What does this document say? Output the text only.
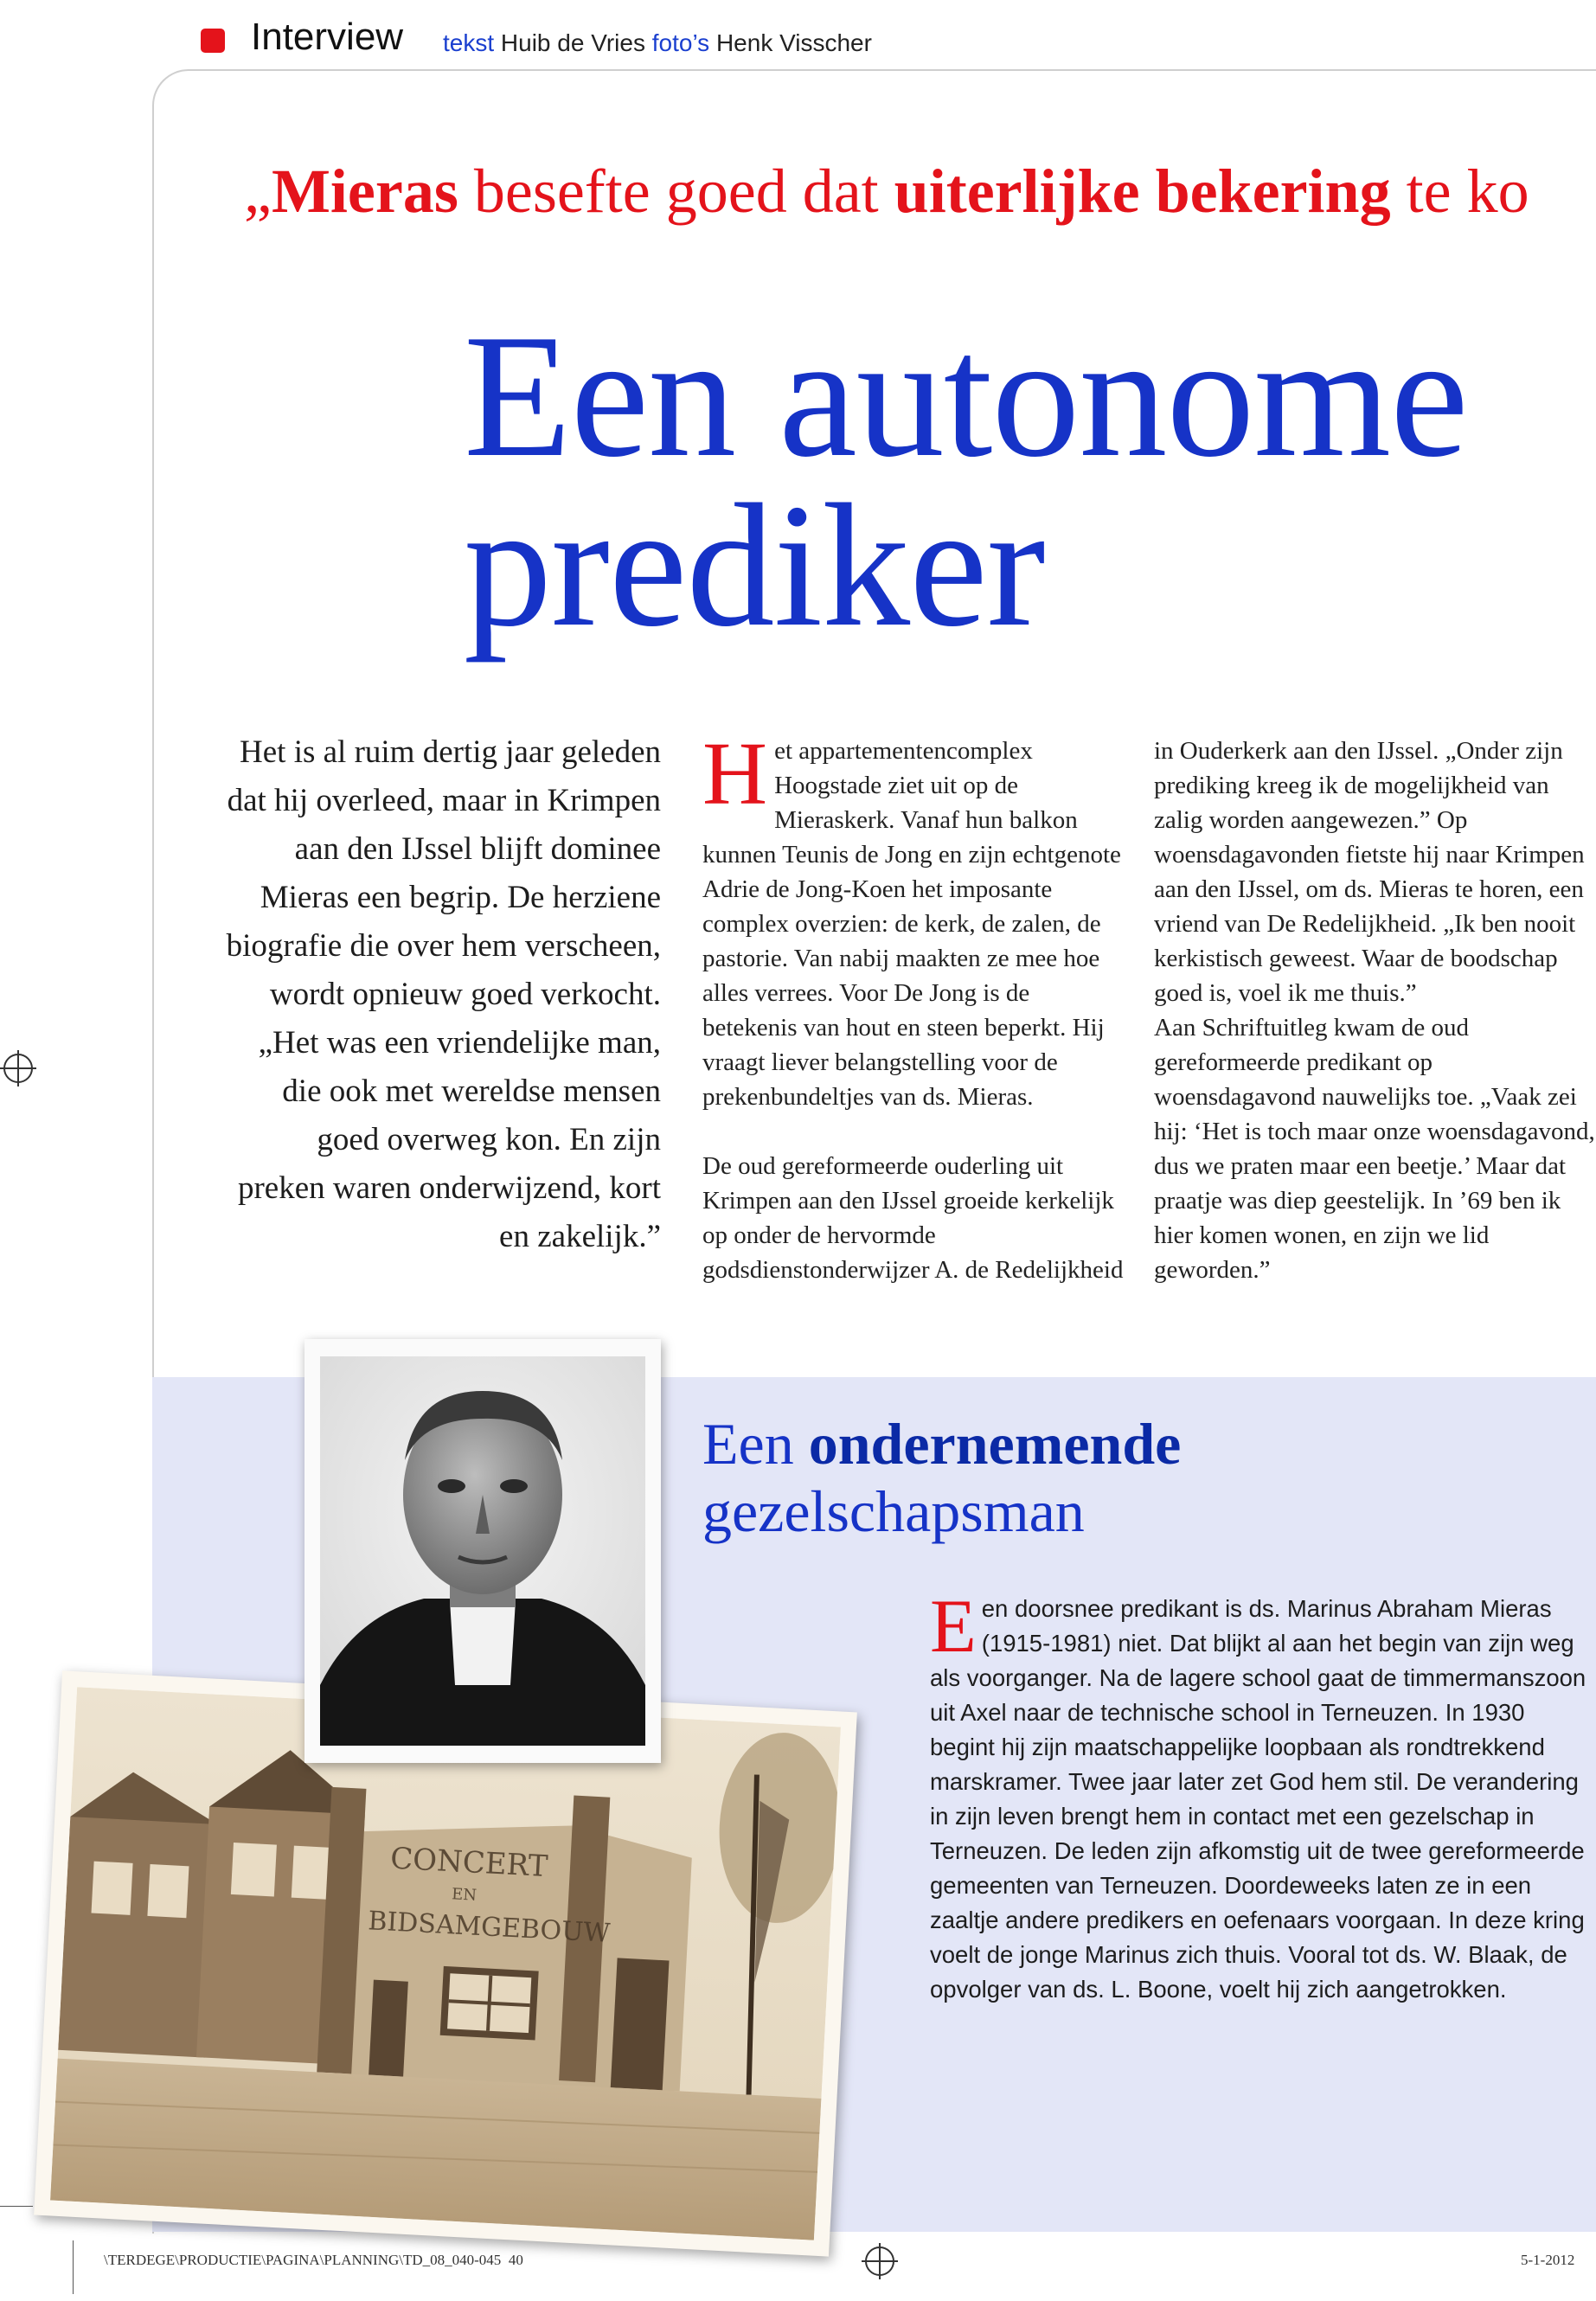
Interview tekst Huib de Vries foto’s Henk Visscher
„Mieras besefte goed dat uiterlijke bekering te ko
Een autonome
prediker
Het is al ruim dertig jaar geleden dat hij overleed, maar in Krimpen aan den IJssel blijft dominee Mieras een begrip. De herziene biografie die over hem verscheen, wordt opnieuw goed verkocht. „Het was een vriendelijke man, die ook met wereldse mensen goed overweg kon. En zijn preken waren onderwijzend, kort en zakelijk.”

Het appartementencomplex Hoogstade ziet uit op de Mieraskerk. Vanaf hun balkon kunnen Teunis de Jong en zijn echtgenote Adrie de Jong-Koen het imposante complex overzien: de kerk, de zalen, de pastorie. Van nabij maakten ze mee hoe alles verrees. Voor De Jong is de betekenis van hout en steen beperkt. Hij vraagt liever belangstelling voor de prekenbundeltjes van ds. Mieras.

De oud gereformeerde ouderling uit Krimpen aan den IJssel groeide kerkelijk op onder de hervormde godsdienstonderwijzer A. de Redelijkheid

in Ouderkerk aan den IJssel. „Onder zijn prediking kreeg ik de mogelijkheid van zalig worden aangewezen.” Op woensdagavonden fietste hij naar Krimpen aan den IJssel, om ds. Mieras te horen, een vriend van De Redelijkheid. „Ik ben nooit kerkistisch geweest. Waar de boodschap goed is, voel ik me thuis.”

Aan Schriftuitleg kwam de oud gereformeerde predikant op woensdagavond nauwelijks toe. „Vaak zei hij: ‘Het is toch maar onze woensdagavond, dus we praten maar een beetje.’ Maar dat praatje was diep geestelijk. In ’69 ben ik hier komen wonen, en zijn we lid geworden.”

Een ondernemende
gezelschapsman
Een doorsnee predikant is ds. Marinus Abraham Mieras (1915-1981) niet. Dat blijkt al aan het begin van zijn weg als voorganger. Na de lagere school gaat de timmermanszoon uit Axel naar de technische school in Terneuzen. In 1930 begint hij zijn maatschappelijke loopbaan als rondtrekkend marskramer. Twee jaar later zet God hem stil. De verandering in zijn leven brengt hem in contact met een gezelschap in Terneuzen. De leden zijn afkomstig uit de twee gereformeerde gemeenten van Terneuzen. Doordeweeks laten ze in een zaaltje andere predikers en oefenaars voorgaan. In deze kring voelt de jonge Marinus zich thuis. Vooral tot ds. W. Blaak, de opvolger van ds. L. Boone, voelt hij zich aangetrokken.
CONCERT
EN
BIDSAMGEBOUW
\TERDEGE\PRODUCTIE\PAGINA\PLANNING\TD_08_040-045 40	5-1-2012
